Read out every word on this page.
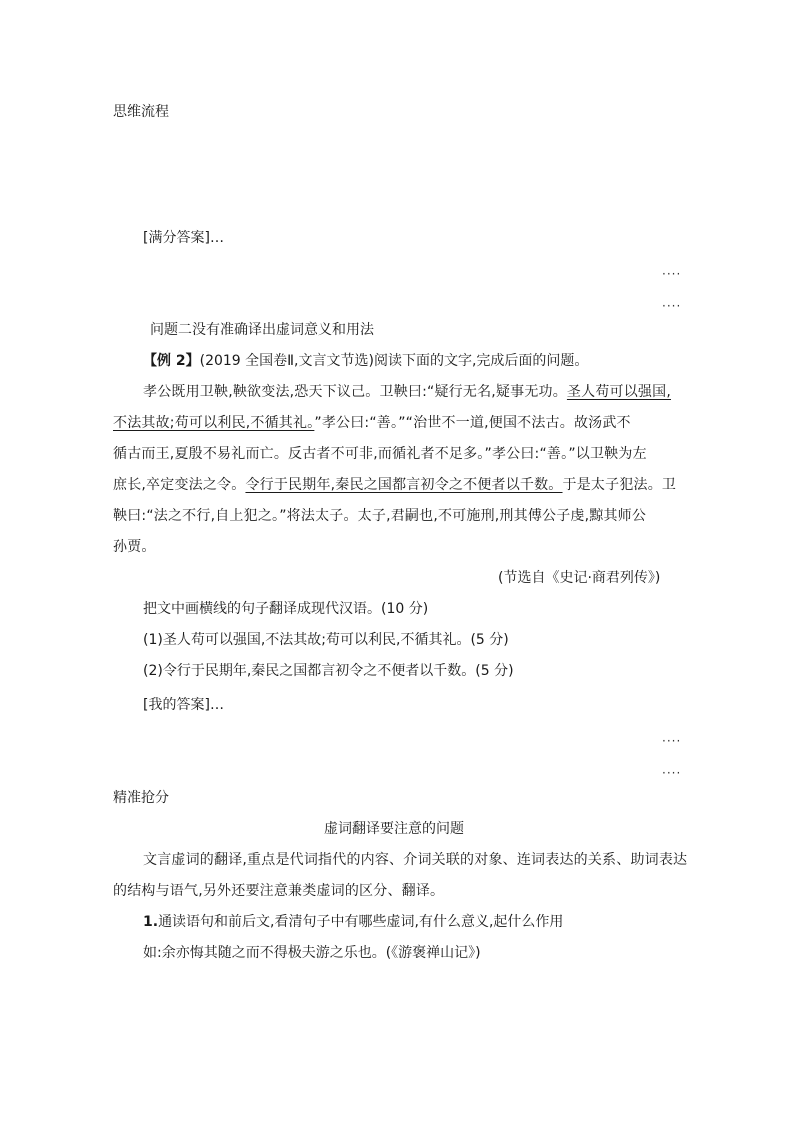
思维流程
[满分答案]…
····
····
问题二没有准确译出虚词意义和用法
【例 2】(2019 全国卷Ⅱ,文言文节选)阅读下面的文字,完成后面的问题。
孝公既用卫鞅,鞅欲变法,恐天下议己。卫鞅曰:“疑行无名,疑事无功。圣人苟可以强国,
不法其故;苟可以利民,不循其礼。”孝公曰:“善。”“治世不一道,便国不法古。故汤武不
循古而王,夏殷不易礼而亡。反古者不可非,而循礼者不足多。”孝公曰:“善。”以卫鞅为左
庶长,卒定变法之令。令行于民期年,秦民之国都言初令之不便者以千数。于是太子犯法。卫
鞅曰:“法之不行,自上犯之。”将法太子。太子,君嗣也,不可施刑,刑其傅公子虔,黥其师公
孙贾。
(节选自《史记·商君列传》)
把文中画横线的句子翻译成现代汉语。(10 分)
(1)圣人苟可以强国,不法其故;苟可以利民,不循其礼。(5 分)
(2)令行于民期年,秦民之国都言初令之不便者以千数。(5 分)
[我的答案]…
····
····
精准抢分
虚词翻译要注意的问题
文言虚词的翻译,重点是代词指代的内容、介词关联的对象、连词表达的关系、助词表达
的结构与语气,另外还要注意兼类虚词的区分、翻译。
1.通读语句和前后文,看清句子中有哪些虚词,有什么意义,起什么作用
如:余亦悔其随之而不得极夫游之乐也。(《游褒禅山记》)
